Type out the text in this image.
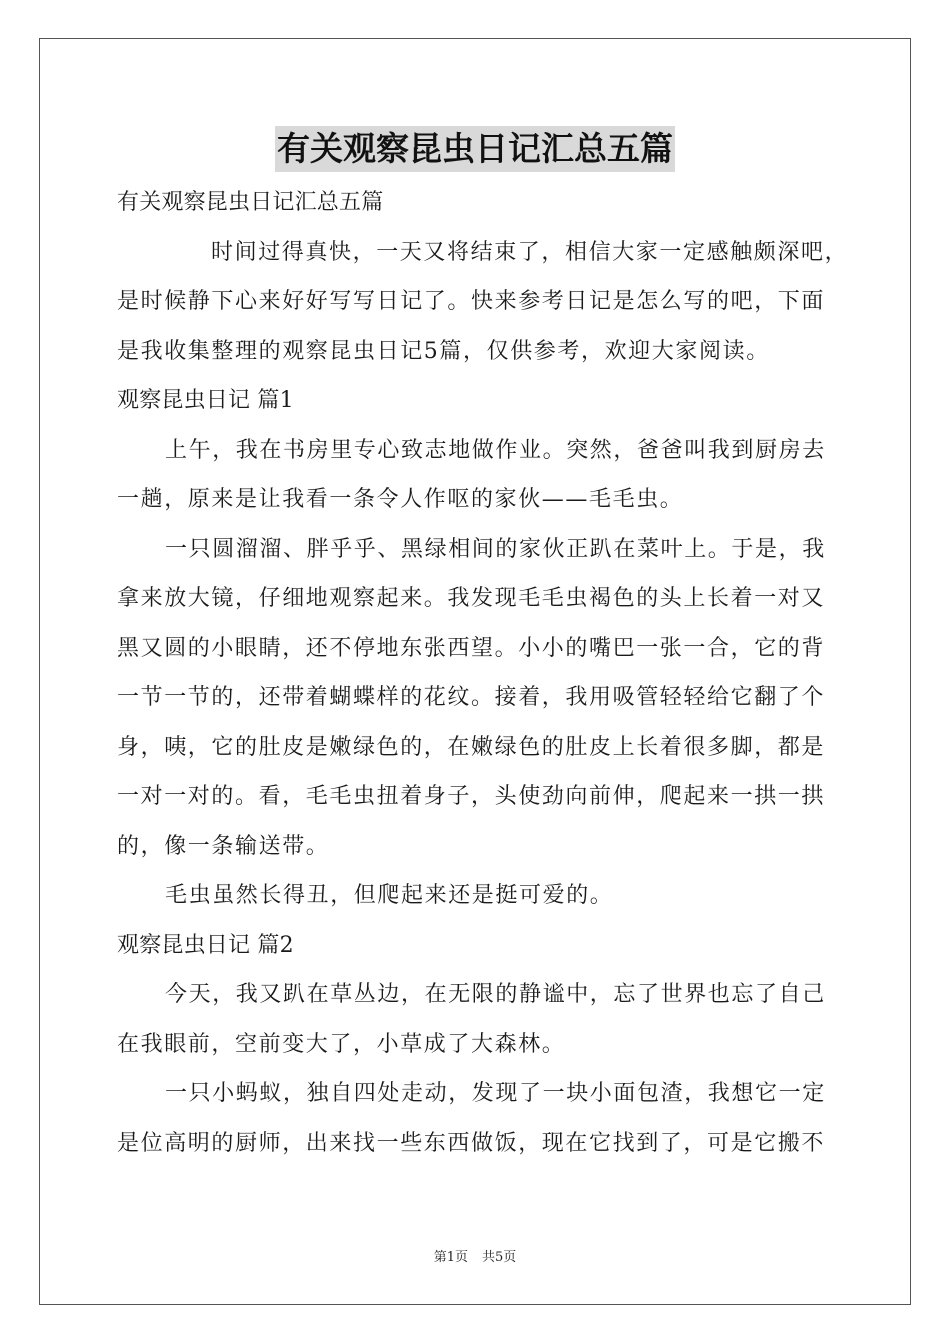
有关观察昆虫日记汇总五篇
有关观察昆虫日记汇总五篇
时间过得真快，一天又将结束了，相信大家一定感触颇深吧，
是时候静下心来好好写写日记了。快来参考日记是怎么写的吧，下面
是我收集整理的观察昆虫日记5篇，仅供参考，欢迎大家阅读。
观察昆虫日记 篇1
上午，我在书房里专心致志地做作业。突然，爸爸叫我到厨房去
一趟，原来是让我看一条令人作呕的家伙——毛毛虫。
一只圆溜溜、胖乎乎、黑绿相间的家伙正趴在菜叶上。于是，我
拿来放大镜，仔细地观察起来。我发现毛毛虫褐色的头上长着一对又
黑又圆的小眼睛，还不停地东张西望。小小的嘴巴一张一合，它的背
一节一节的，还带着蝴蝶样的花纹。接着，我用吸管轻轻给它翻了个
身，咦，它的肚皮是嫩绿色的，在嫩绿色的肚皮上长着很多脚，都是
一对一对的。看，毛毛虫扭着身子，头使劲向前伸，爬起来一拱一拱
的，像一条输送带。
毛虫虽然长得丑，但爬起来还是挺可爱的。
观察昆虫日记 篇2
今天，我又趴在草丛边，在无限的静谧中，忘了世界也忘了自己
在我眼前，空前变大了，小草成了大森林。
一只小蚂蚁，独自四处走动，发现了一块小面包渣，我想它一定
是位高明的厨师，出来找一些东西做饭，现在它找到了，可是它搬不
第1页 共5页
